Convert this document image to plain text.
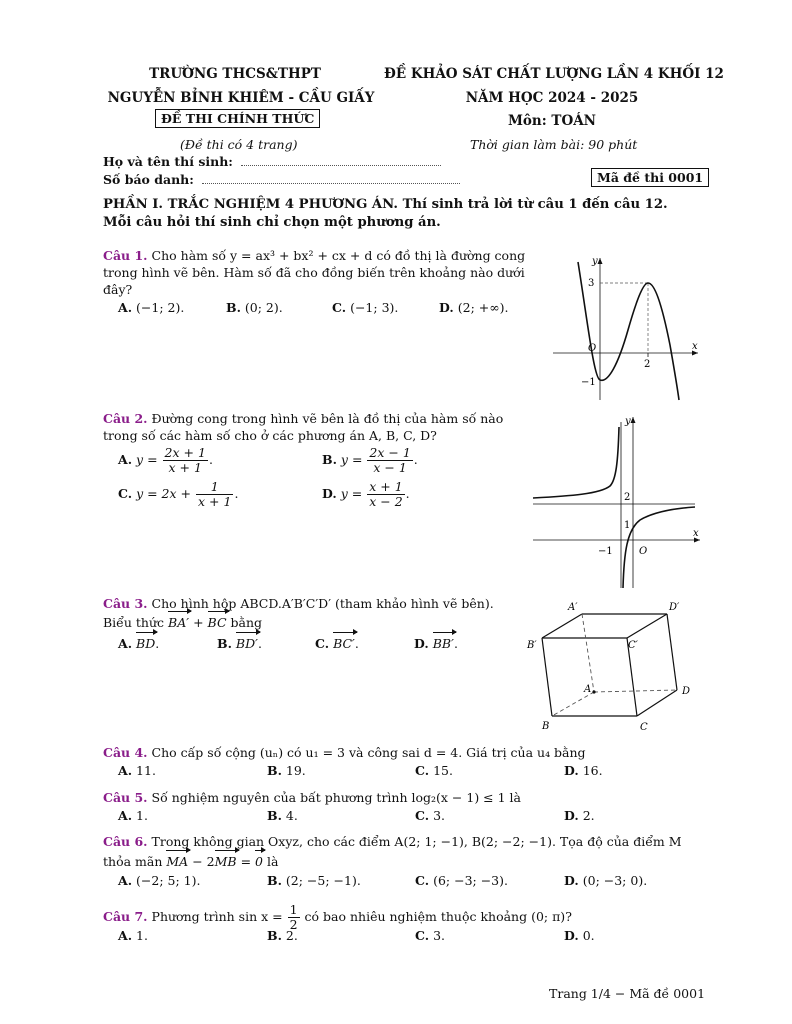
TRƯỜNG THCS&THPT
NGUYỄN BỈNH KHIÊM - CẦU GIẤY
ĐỀ THI CHÍNH THỨC
(Đề thi có 4 trang)
ĐỀ KHẢO SÁT CHẤT LƯỢNG LẦN 4 KHỐI 12
NĂM HỌC 2024 - 2025
Môn: TOÁN
Thời gian làm bài: 90 phút
Họ và tên thí sinh:
Số báo danh:	Mã đề thi 0001
PHẦN I. TRẮC NGHIỆM 4 PHƯƠNG ÁN. Thí sinh trả lời từ câu 1 đến câu 12.
Mỗi câu hỏi thí sinh chỉ chọn một phương án.
Câu 1. Cho hàm số y = ax³ + bx² + cx + d có đồ thị là đường cong
trong hình vẽ bên. Hàm số đã cho đồng biến trên khoảng nào dưới
đây?
A. (−1; 2).	B. (0; 2).	C. (−1; 3).	D. (2; +∞).
y
x
O
3
2
−1
Câu 2. Đường cong trong hình vẽ bên là đồ thị của hàm số nào
trong số các hàm số cho ở các phương án A, B, C, D?
A. $y = \frac{2x + 1}{x + 1}$ .	B. $y = \frac{2x - 1}{x - 1}$ .
C. $y = 2x + \frac{1}{x + 1}$ .	D. $y = \frac{x + 1}{x - 2}$ .
y
x
O
2
1
−1
Câu 3. Cho hình hộp ABCD.A′B′C′D′ (tham khảo hình vẽ bên).
Biểu thức BA′ + BC bằng
A. BD.	B. BD′.	C. BC′.	D. BB′.
A′	D′
B′	C′
A	D
B	C
Câu 4. Cho cấp số cộng (uₙ) có u₁ = 3 và công sai d = 4. Giá trị của u₄ bằng
A. 11.	B. 19.	C. 15.	D. 16.
Câu 5. Số nghiệm nguyên của bất phương trình log₂(x − 1) ≤ 1 là
A. 1.	B. 4.	C. 3.	D. 2.
Câu 6. Trong không gian Oxyz, cho các điểm A(2; 1; −1), B(2; −2; −1). Tọa độ của điểm M
thỏa mãn MA − 2MB = 0 là
A. (−2; 5; 1).	B. (2; −5; −1).	C. (6; −3; −3).	D. (0; −3; 0).
Câu 7. Phương trình $\sin x = \frac{1}{2}$ có bao nhiêu nghiệm thuộc khoảng (0; π)?
A. 1.	B. 2.	C. 3.	D. 0.
Trang 1/4 − Mã đề 0001
